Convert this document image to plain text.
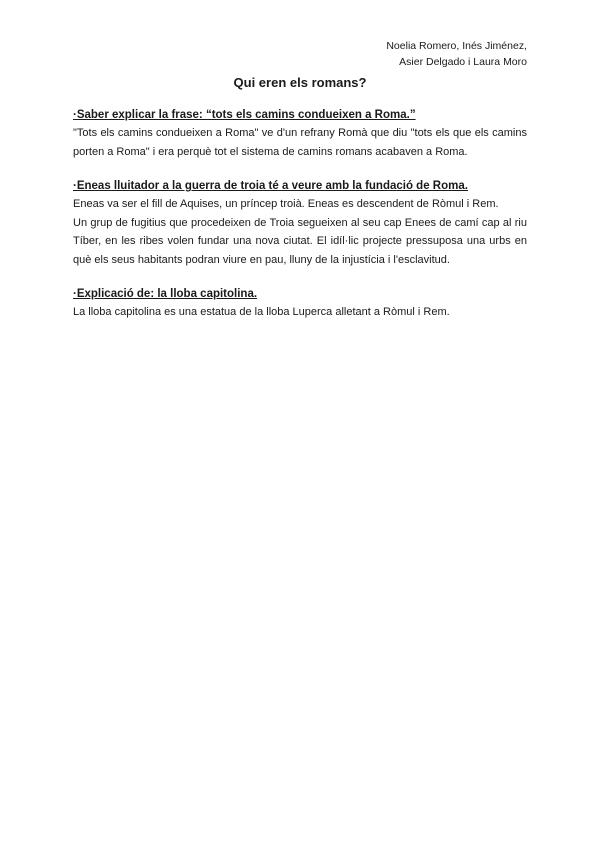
Noelia Romero, Inés Jiménez,
Asier Delgado i Laura Moro
Qui eren els romans?

·Saber explicar la frase: “tots els camins condueixen a Roma.”

"Tots els camins condueixen a Roma" ve d'un refrany Romà que diu "tots els que els camins porten a Roma" i era perquè tot el sistema de camins romans acabaven a Roma.

·Eneas lluitador a la guerra de troia té a veure amb la fundació de Roma.

Eneas va ser el fill de Aquises, un príncep troià. Eneas es descendent de Ròmul i Rem.

Un grup de fugitius que procedeixen de Troia segueixen al seu cap Enees de camí cap al riu Tíber, en les ribes volen fundar una nova ciutat. El idíl·lic projecte pressuposa una urbs en què els seus habitants podran viure en pau, lluny de la injustícia i l'esclavitud.

·Explicació de: la lloba capitolina.

La lloba capitolina es una estatua de la lloba Luperca alletant a Ròmul i Rem.
